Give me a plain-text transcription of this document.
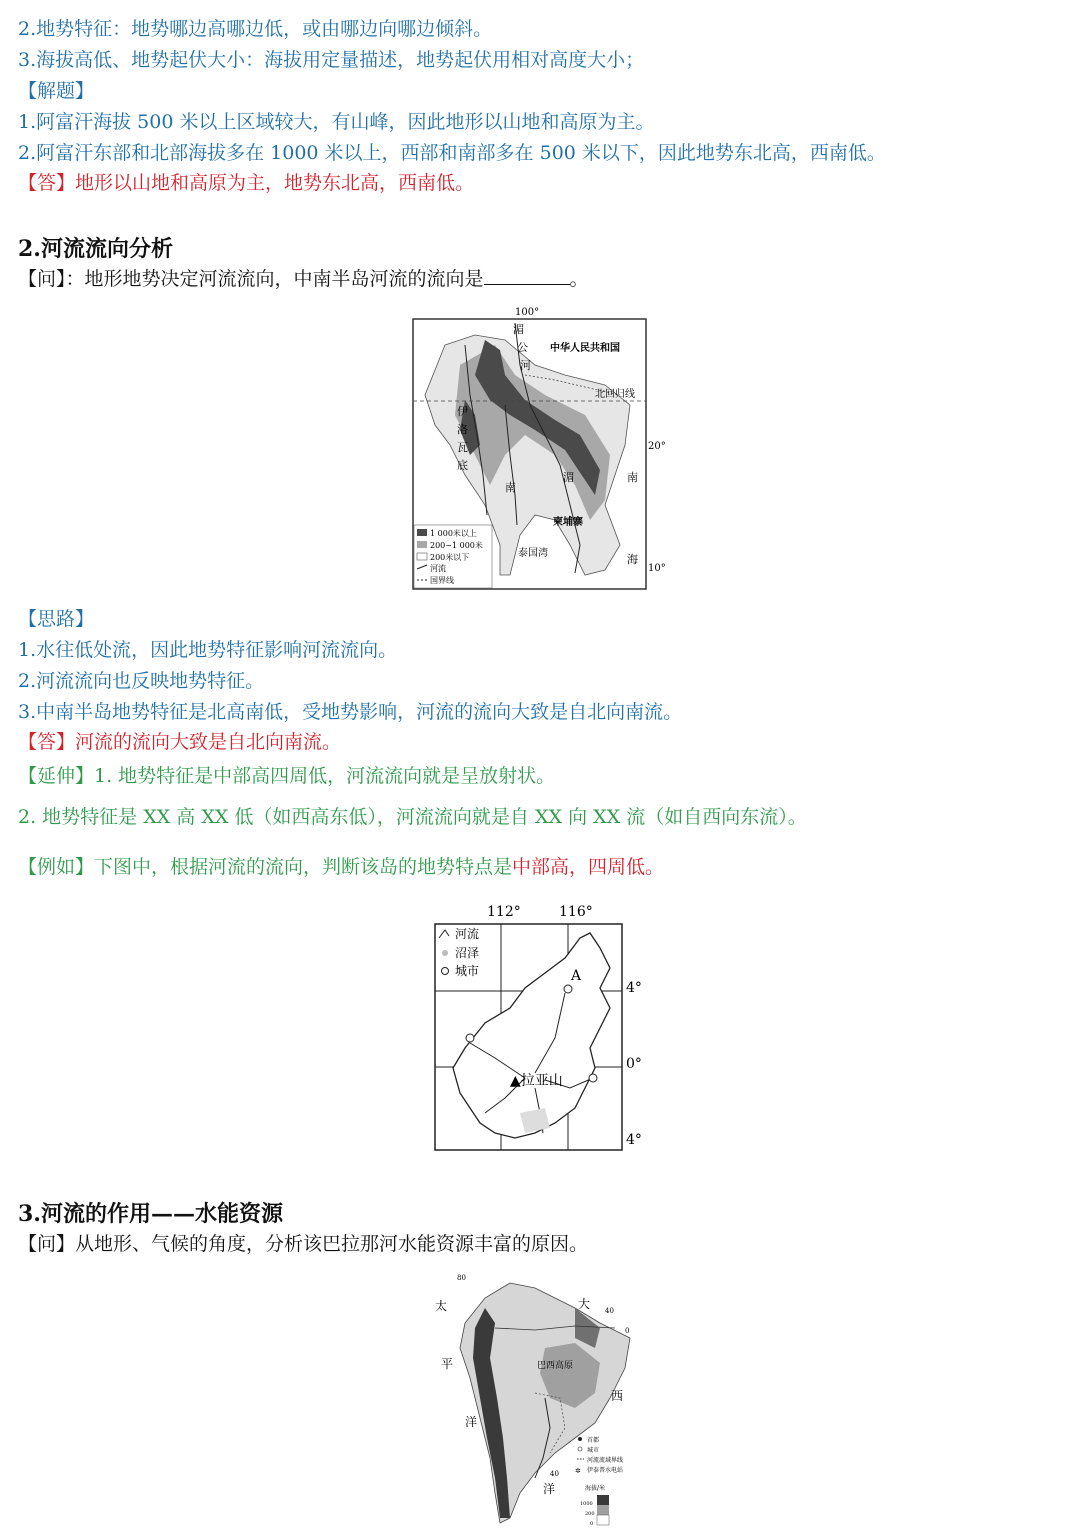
2.地势特征：地势哪边高哪边低，或由哪边向哪边倾斜。
3.海拔高低、地势起伏大小：海拔用定量描述，地势起伏用相对高度大小；
【解题】
1.阿富汗海拔 500 米以上区域较大，有山峰，因此地形以山地和高原为主。
2.阿富汗东部和北部海拔多在 1000 米以上，西部和南部多在 500 米以下，因此地势东北高，西南低。
【答】地形以山地和高原为主，地势东北高，西南低。
2.河流流向分析
【问】：地形地势决定河流流向，中南半岛河流的流向是	。
100°
中华人民共和国
北回归线
20°
10°
泰国湾
柬埔寨
湄
公
河
南
海
伊
洛
瓦
底
湄
南
1 000米以上
200~1 000米
200米以下
河流
国界线
【思路】
1.水往低处流，因此地势特征影响河流流向。
2.河流流向也反映地势特征。
3.中南半岛地势特征是北高南低，受地势影响，河流的流向大致是自北向南流。
【答】河流的流向大致是自北向南流。
【延伸】1. 地势特征是中部高四周低，河流流向就是呈放射状。
2. 地势特征是 XX 高 XX 低（如西高东低），河流流向就是自 XX 向 XX 流（如自西向东流）。
【例如】下图中，根据河流的流向，判断该岛的地势特点是中部高，四周低。
112°	116°
4°
0°
4°
A
▲拉亚山
河流
沼泽
城市
3.河流的作用——水能资源
【问】从地形、气候的角度，分析该巴拉那河水能资源丰富的原因。
80
40
0
40
太
平
洋
大
西
洋
巴西高原
首都
城市
河流流域界线
✲ 伊泰普水电站
海拔/米
1000
200
0
